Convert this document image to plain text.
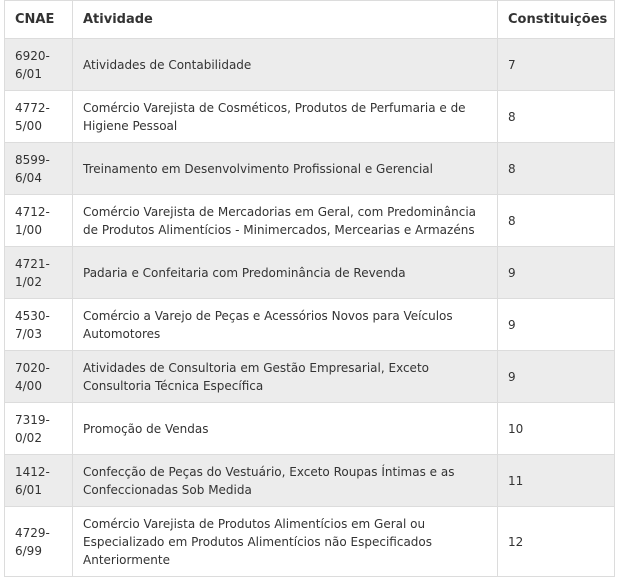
CNAE	Atividade	Constituições
6920-6/01	Atividades de Contabilidade	7
4772-5/00	Comércio Varejista de Cosméticos, Produtos de Perfumaria e de Higiene Pessoal	8
8599-6/04	Treinamento em Desenvolvimento Profissional e Gerencial	8
4712-1/00	Comércio Varejista de Mercadorias em Geral, com Predominância de Produtos Alimentícios - Minimercados, Mercearias e Armazéns	8
4721-1/02	Padaria e Confeitaria com Predominância de Revenda	9
4530-7/03	Comércio a Varejo de Peças e Acessórios Novos para Veículos Automotores	9
7020-4/00	Atividades de Consultoria em Gestão Empresarial, Exceto Consultoria Técnica Específica	9
7319-0/02	Promoção de Vendas	10
1412-6/01	Confecção de Peças do Vestuário, Exceto Roupas Íntimas e as Confeccionadas Sob Medida	11
4729-6/99	Comércio Varejista de Produtos Alimentícios em Geral ou Especializado em Produtos Alimentícios não Especificados Anteriormente	12
